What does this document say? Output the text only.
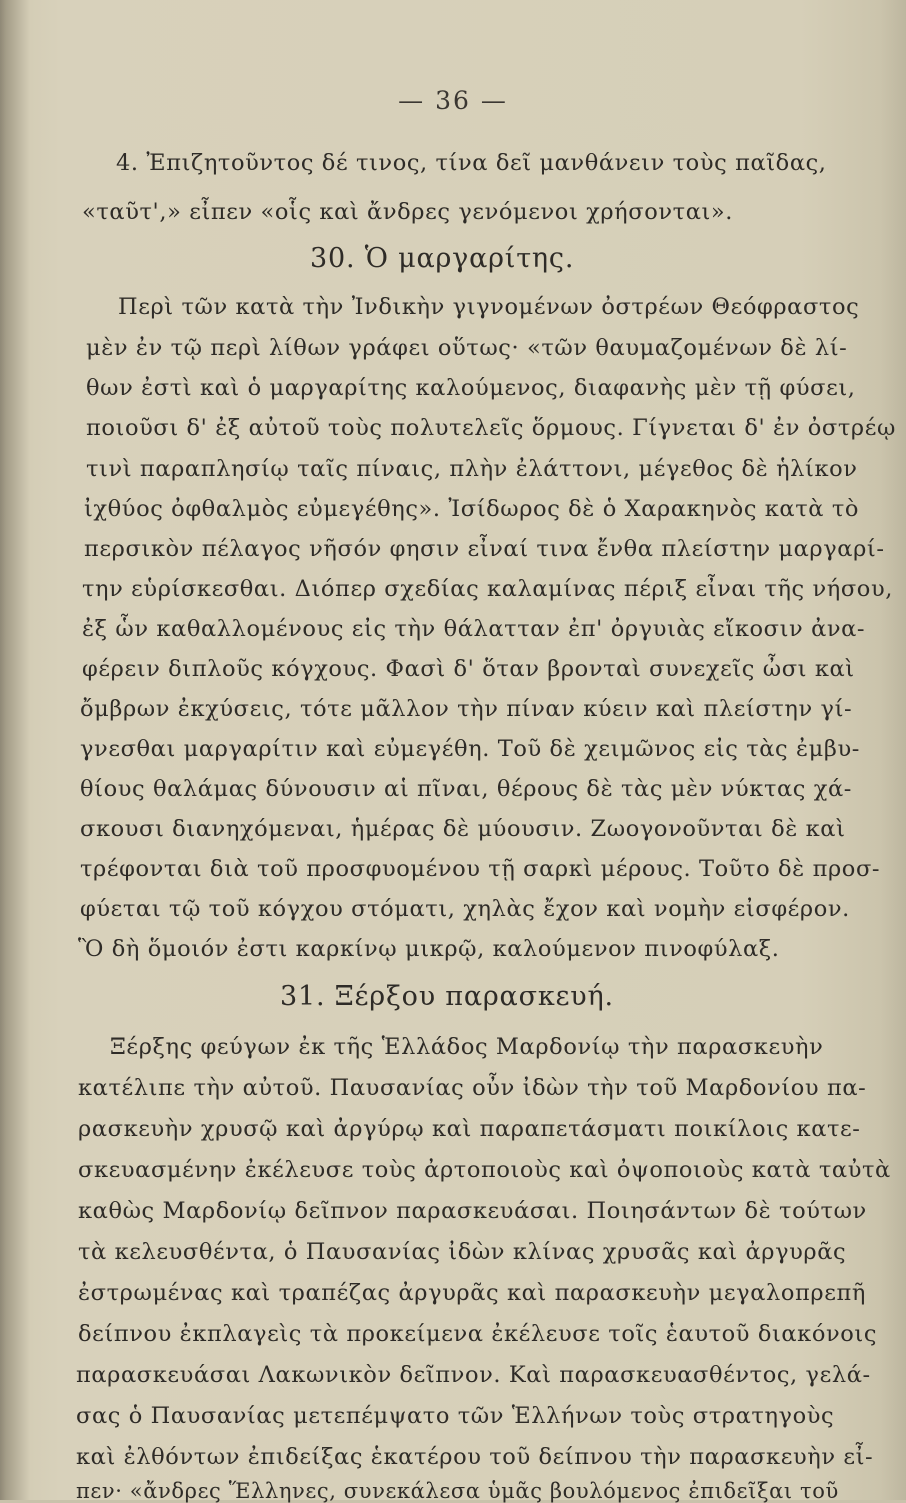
— 36 —
4. Ἐπιζητοῦντος δέ τινος, τίνα δεῖ μανθάνειν τοὺς παῖδας,
«ταῦτ',» εἶπεν «οἷς καὶ ἄνδρες γενόμενοι χρήσονται».
30. Ὁ μαργαρίτης.
Περὶ τῶν κατὰ τὴν Ἰνδικὴν γιγνομένων ὀστρέων Θεόφραστος
μὲν ἐν τῷ περὶ λίθων γράφει οὕτως· «τῶν θαυμαζομένων δὲ λί-
θων ἐστὶ καὶ ὁ μαργαρίτης καλούμενος, διαφανὴς μὲν τῇ φύσει,
ποιοῦσι δ' ἐξ αὐτοῦ τοὺς πολυτελεῖς ὅρμους. Γίγνεται δ' ἐν ὀστρέῳ
τινὶ παραπλησίῳ ταῖς πίναις, πλὴν ἐλάττονι, μέγεθος δὲ ἡλίκον
ἰχθύος ὀφθαλμὸς εὐμεγέθης». Ἰσίδωρος δὲ ὁ Χαρακηνὸς κατὰ τὸ
περσικὸν πέλαγος νῆσόν φησιν εἶναί τινα ἔνθα πλείστην μαργαρί-
την εὑρίσκεσθαι. Διόπερ σχεδίας καλαμίνας πέριξ εἶναι τῆς νήσου,
ἐξ ὧν καθαλλομένους εἰς τὴν θάλατταν ἐπ' ὀργυιὰς εἴκοσιν ἀνα-
φέρειν διπλοῦς κόγχους. Φασὶ δ' ὅταν βρονταὶ συνεχεῖς ὦσι καὶ
ὄμβρων ἐκχύσεις, τότε μᾶλλον τὴν πίναν κύειν καὶ πλείστην γί-
γνεσθαι μαργαρίτιν καὶ εὐμεγέθη. Τοῦ δὲ χειμῶνος εἰς τὰς ἐμβυ-
θίους θαλάμας δύνουσιν αἱ πῖναι, θέρους δὲ τὰς μὲν νύκτας χά-
σκουσι διανηχόμεναι, ἡμέρας δὲ μύουσιν. Ζωογονοῦνται δὲ καὶ
τρέφονται διὰ τοῦ προσφυομένου τῇ σαρκὶ μέρους. Τοῦτο δὲ προσ-
φύεται τῷ τοῦ κόγχου στόματι, χηλὰς ἔχον καὶ νομὴν εἰσφέρον.
Ὃ δὴ ὅμοιόν ἐστι καρκίνῳ μικρῷ, καλούμενον πινοφύλαξ.
31. Ξέρξου παρασκευή.
Ξέρξης φεύγων ἐκ τῆς Ἑλλάδος Μαρδονίῳ τὴν παρασκευὴν
κατέλιπε τὴν αὐτοῦ. Παυσανίας οὖν ἰδὼν τὴν τοῦ Μαρδονίου πα-
ρασκευὴν χρυσῷ καὶ ἀργύρῳ καὶ παραπετάσματι ποικίλοις κατε-
σκευασμένην ἐκέλευσε τοὺς ἀρτοποιοὺς καὶ ὀψοποιοὺς κατὰ ταὐτὰ
καθὼς Μαρδονίῳ δεῖπνον παρασκευάσαι. Ποιησάντων δὲ τούτων
τὰ κελευσθέντα, ὁ Παυσανίας ἰδὼν κλίνας χρυσᾶς καὶ ἀργυρᾶς
ἐστρωμένας καὶ τραπέζας ἀργυρᾶς καὶ παρασκευὴν μεγαλοπρεπῆ
δείπνου ἐκπλαγεὶς τὰ προκείμενα ἐκέλευσε τοῖς ἑαυτοῦ διακόνοις
παρασκευάσαι Λακωνικὸν δεῖπνον. Καὶ παρασκευασθέντος, γελά-
σας ὁ Παυσανίας μετεπέμψατο τῶν Ἑλλήνων τοὺς στρατηγοὺς
καὶ ἐλθόντων ἐπιδείξας ἑκατέρου τοῦ δείπνου τὴν παρασκευὴν εἶ-
πεν· «ἄνδρες Ἕλληνες, συνεκάλεσα ὑμᾶς βουλόμενος ἐπιδεῖξαι τοῦ
